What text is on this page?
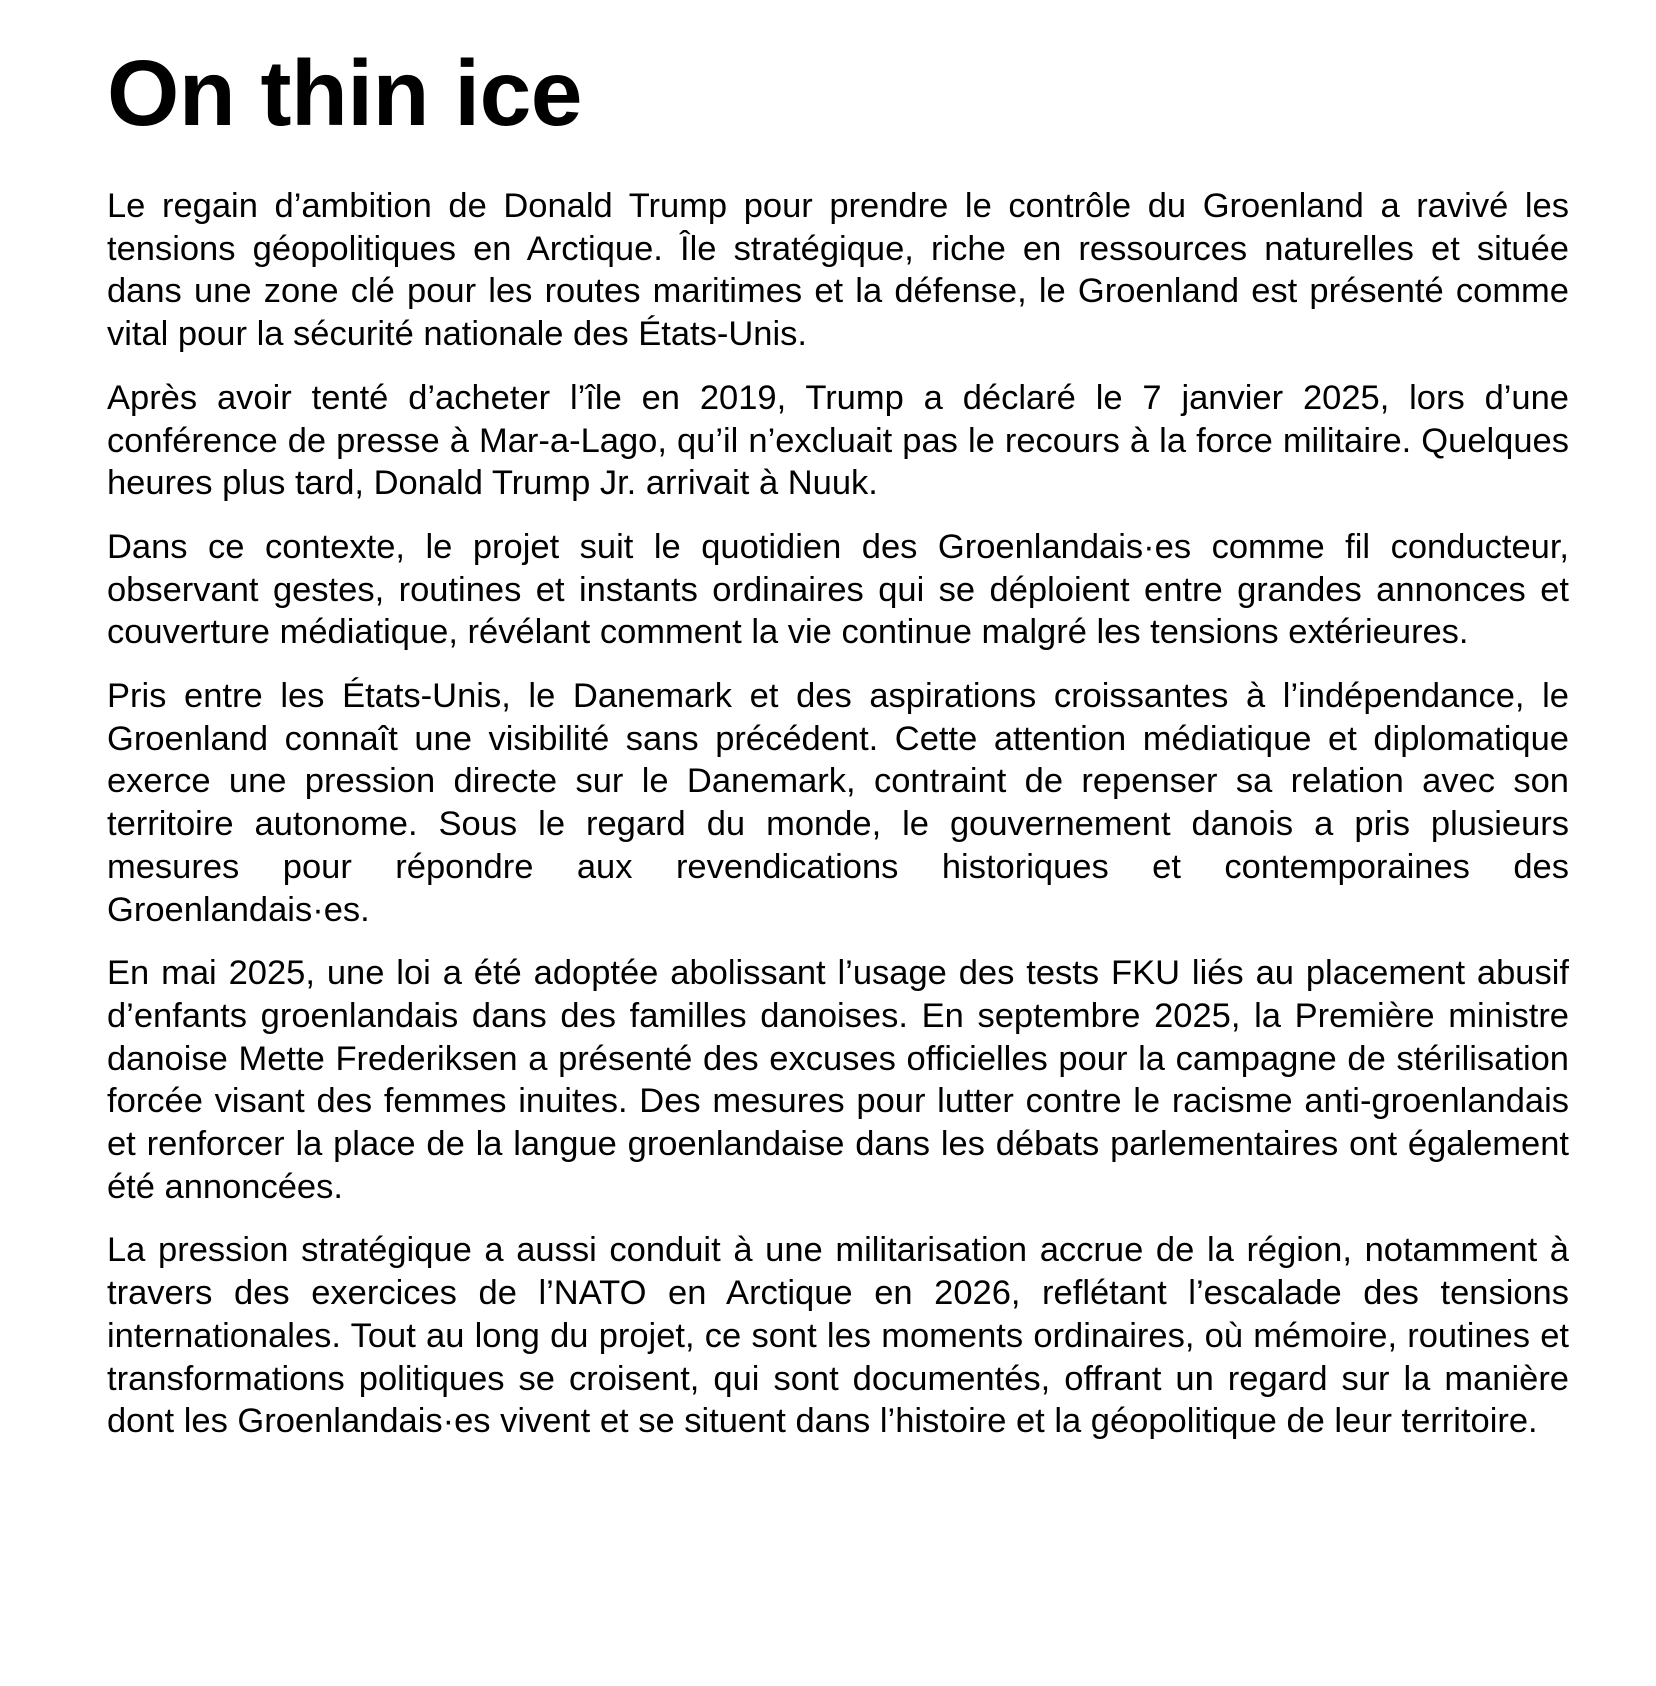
On thin ice

Le regain d’ambition de Donald Trump pour prendre le contrôle du Groenland a ravivé les tensions géopolitiques en Arctique. Île stratégique, riche en ressources naturelles et située dans une zone clé pour les routes maritimes et la défense, le Groenland est présenté comme vital pour la sécurité nationale des États-Unis.

Après avoir tenté d’acheter l’île en 2019, Trump a déclaré le 7 janvier 2025, lors d’une conférence de presse à Mar-a-Lago, qu’il n’excluait pas le recours à la force militaire. Quelques heures plus tard, Donald Trump Jr. arrivait à Nuuk.

Dans ce contexte, le projet suit le quotidien des Groenlandais·es comme fil conducteur, observant gestes, routines et instants ordinaires qui se déploient entre grandes annonces et couverture médiatique, révélant comment la vie continue malgré les tensions extérieures.

Pris entre les États-Unis, le Danemark et des aspirations croissantes à l’indépendance, le Groenland connaît une visibilité sans précédent. Cette attention médiatique et diplomatique exerce une pression directe sur le Danemark, contraint de repenser sa relation avec son territoire autonome. Sous le regard du monde, le gouvernement danois a pris plusieurs mesures pour répondre aux revendications historiques et contemporaines des Groenlandais·es.

En mai 2025, une loi a été adoptée abolissant l’usage des tests FKU liés au placement abusif d’enfants groenlandais dans des familles danoises. En septembre 2025, la Première ministre danoise Mette Frederiksen a présenté des excuses officielles pour la campagne de stérilisation forcée visant des femmes inuites. Des mesures pour lutter contre le racisme anti-groenlandais et renforcer la place de la langue groenlandaise dans les débats parlementaires ont également été annoncées.

La pression stratégique a aussi conduit à une militarisation accrue de la région, notamment à travers des exercices de l’NATO en Arctique en 2026, reflétant l’escalade des tensions internationales. Tout au long du projet, ce sont les moments ordinaires, où mémoire, routines et transformations politiques se croisent, qui sont documentés, offrant un regard sur la manière dont les Groenlandais·es vivent et se situent dans l’histoire et la géopolitique de leur territoire.
